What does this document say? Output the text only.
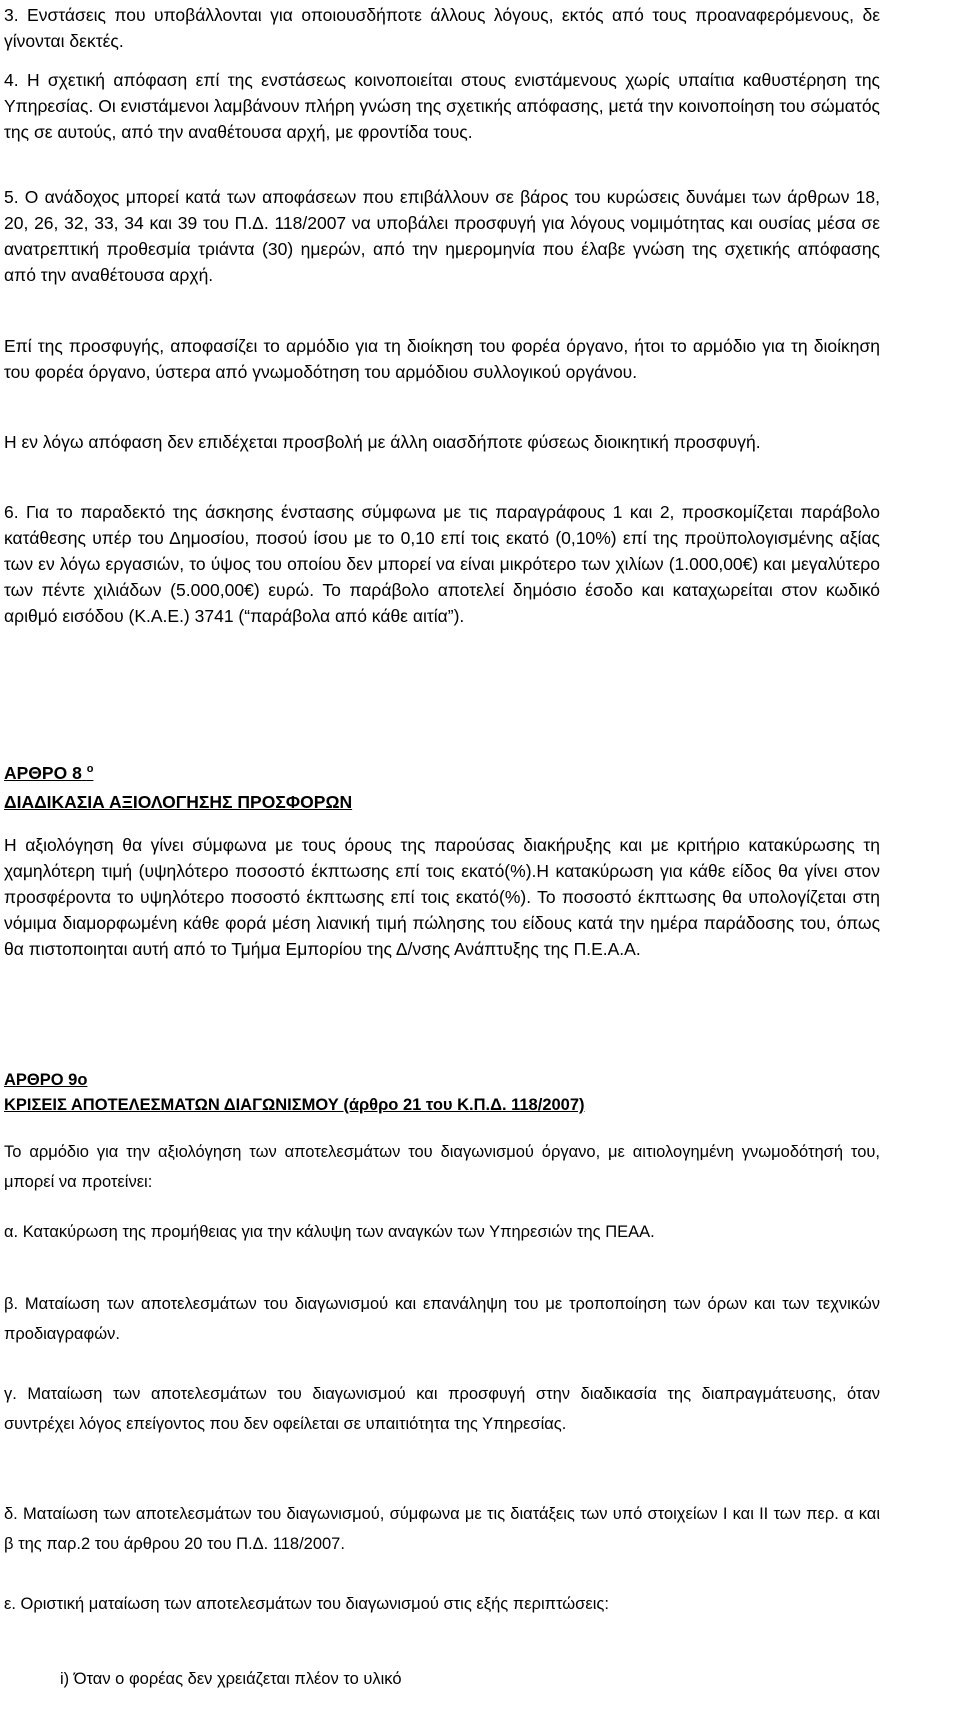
3. Ενστάσεις που υποβάλλονται για οποιουσδήποτε άλλους λόγους, εκτός από τους προαναφερόμενους, δε γίνονται δεκτές.

4. Η σχετική απόφαση επί της ενστάσεως κοινοποιείται στους ενιστάμενους χωρίς υπαίτια καθυστέρηση της Υπηρεσίας. Οι ενιστάμενοι λαμβάνουν πλήρη γνώση της σχετικής απόφασης, μετά την κοινοποίηση του σώματός της σε αυτούς, από την αναθέτουσα αρχή, με φροντίδα τους.

5. Ο ανάδοχος μπορεί κατά των αποφάσεων που επιβάλλουν σε βάρος του κυρώσεις δυνάμει των άρθρων 18, 20, 26, 32, 33, 34 και 39 του Π.Δ. 118/2007 να υποβάλει προσφυγή για λόγους νομιμότητας και ουσίας μέσα σε ανατρεπτική προθεσμία τριάντα (30) ημερών, από την ημερομηνία που έλαβε γνώση της σχετικής απόφασης από την αναθέτουσα αρχή.

Επί της προσφυγής, αποφασίζει το αρμόδιο για τη διοίκηση του φορέα όργανο, ήτοι το αρμόδιο για τη διοίκηση του φορέα όργανο, ύστερα από γνωμοδότηση του αρμόδιου συλλογικού οργάνου.

Η εν λόγω απόφαση δεν επιδέχεται προσβολή με άλλη οιασδήποτε φύσεως διοικητική προσφυγή.

6. Για το παραδεκτό της άσκησης ένστασης σύμφωνα με τις παραγράφους 1 και 2, προσκομίζεται παράβολο κατάθεσης υπέρ του Δημοσίου, ποσού ίσου με το 0,10 επί τοις εκατό (0,10%) επί της προϋπολογισμένης αξίας των εν λόγω εργασιών, το ύψος του οποίου δεν μπορεί να είναι μικρότερο των χιλίων (1.000,00€) και μεγαλύτερο των πέντε χιλιάδων (5.000,00€) ευρώ. Το παράβολο αποτελεί δημόσιο έσοδο και καταχωρείται στον κωδικό αριθμό εισόδου (Κ.Α.Ε.) 3741 (“παράβολα από κάθε αιτία”).

ΑΡΘΡΟ 8 $^o$
ΔΙΑΔΙΚΑΣΙΑ ΑΞΙΟΛΟΓΗΣΗΣ ΠΡΟΣΦΟΡΩΝ

Η αξιολόγηση θα γίνει σύμφωνα με τους όρους της παρούσας διακήρυξης και με κριτήριο κατακύρωσης τη χαμηλότερη τιμή (υψηλότερο ποσοστό έκπτωσης επί τοις εκατό(%).Η κατακύρωση για κάθε είδος θα γίνει στον προσφέροντα το υψηλότερο ποσοστό έκπτωσης επί τοις εκατό(%). Το ποσοστό έκπτωσης θα υπολογίζεται στη νόμιμα διαμορφωμένη κάθε φορά μέση λιανική τιμή πώλησης του είδους κατά την ημέρα παράδοσης του, όπως θα πιστοποιηται αυτή από το Τμήμα Εμπορίου της Δ/νσης Ανάπτυξης της Π.Ε.Α.Α.

ΑΡΘΡΟ 9ο
ΚΡΙΣΕΙΣ ΑΠΟΤΕΛΕΣΜΑΤΩΝ ΔΙΑΓΩΝΙΣΜΟΥ (άρθρο 21 του Κ.Π.Δ. 118/2007)

Το αρμόδιο για την αξιολόγηση των αποτελεσμάτων του διαγωνισμού όργανο, με αιτιολογημένη γνωμοδότησή του, μπορεί να προτείνει:

α. Κατακύρωση της προμήθειας για την κάλυψη των αναγκών των Υπηρεσιών της ΠΕΑΑ.

β. Ματαίωση των αποτελεσμάτων του διαγωνισμού και επανάληψη του με τροποποίηση των όρων και των τεχνικών προδιαγραφών.

γ. Ματαίωση των αποτελεσμάτων του διαγωνισμού και προσφυγή στην διαδικασία της διαπραγμάτευσης, όταν συντρέχει λόγος επείγοντος που δεν οφείλεται σε υπαιτιότητα της Υπηρεσίας.

δ. Ματαίωση των αποτελεσμάτων του διαγωνισμού, σύμφωνα με τις διατάξεις των υπό στοιχείων Ι και ΙΙ των περ. α και β της παρ.2 του άρθρου 20 του Π.Δ. 118/2007.

ε. Οριστική ματαίωση των αποτελεσμάτων του διαγωνισμού στις εξής περιπτώσεις:

i) Όταν ο φορέας δεν χρειάζεται πλέον το υλικό
